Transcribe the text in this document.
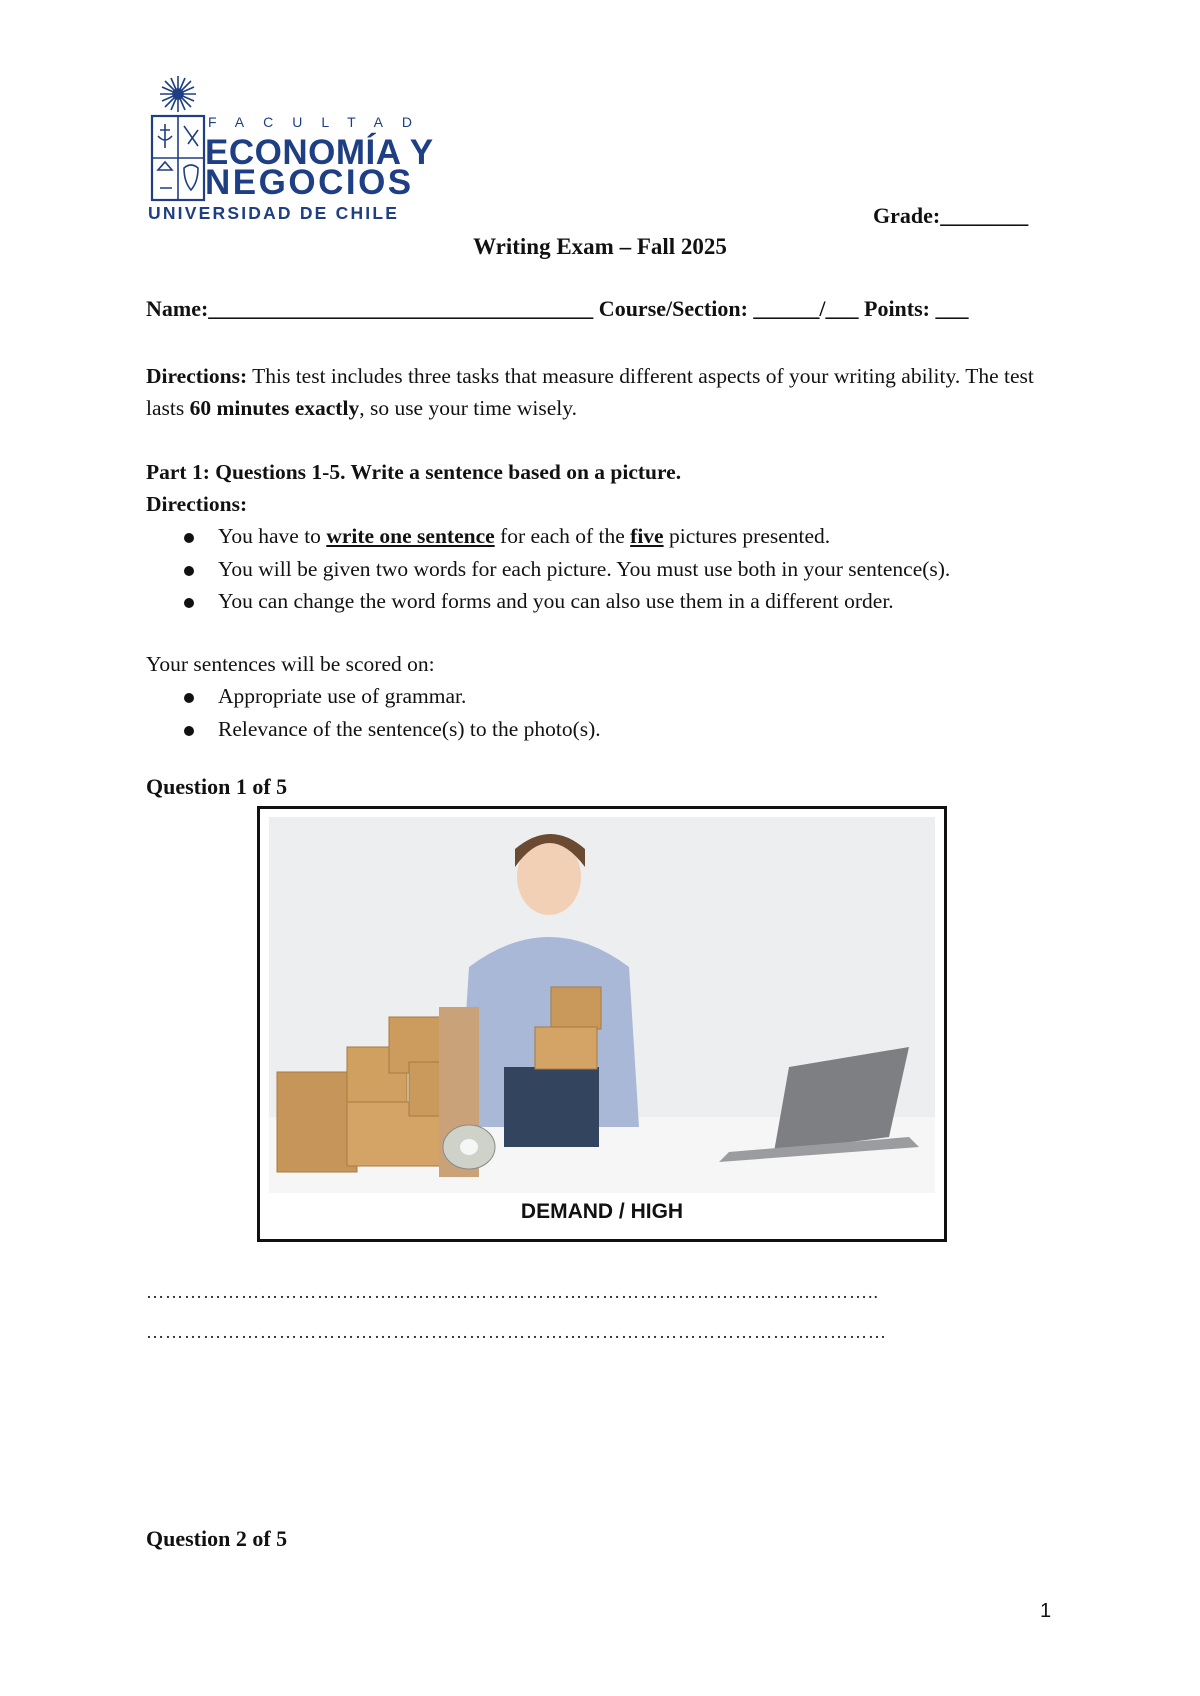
FACULTAD
ECONOMÍA Y
NEGOCIOS
UNIVERSIDAD DE CHILE	Grade:________
Writing Exam – Fall 2025
Name:___________________________________ Course/Section: ______/___ Points: ___
Directions: This test includes three tasks that measure different aspects of your writing ability. The test lasts 60 minutes exactly, so use your time wisely.
Part 1: Questions 1-5. Write a sentence based on a picture.
Directions:
You have to write one sentence for each of the five pictures presented.
You will be given two words for each picture. You must use both in your sentence(s).
You can change the word forms and you can also use them in a different order.
Your sentences will be scored on:
Appropriate use of grammar.
Relevance of the sentence(s) to the photo(s).
Question 1 of 5
DEMAND / HIGH
……………………………………………………………………………………………………..
………………………………………………………………………………………………………
Question 2 of 5
1
